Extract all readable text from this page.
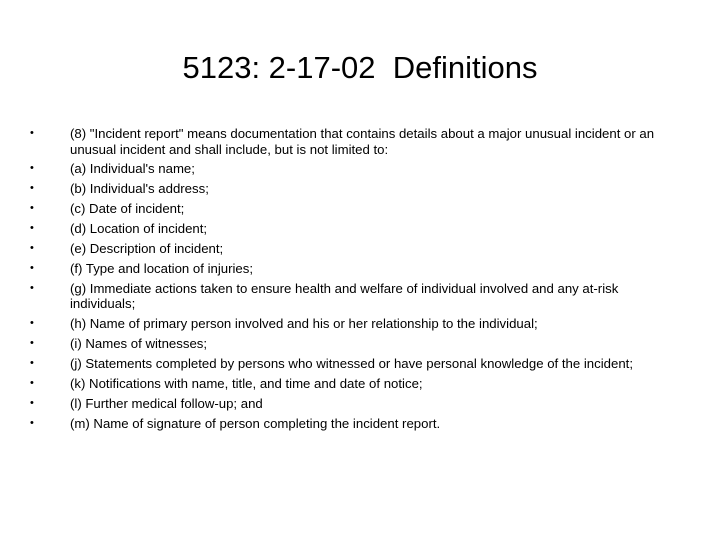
5123: 2-17-02  Definitions
•	(8) "Incident report" means documentation that contains details about a major unusual incident or an unusual incident and shall include, but is not limited to:
•	(a) Individual's name;
•	(b) Individual's address;
•	(c) Date of incident;
•	(d) Location of incident;
•	(e) Description of incident;
•	(f) Type and location of injuries;
•	(g) Immediate actions taken to ensure health and welfare of individual involved and any at-risk individuals;
•	(h) Name of primary person involved and his or her relationship to the individual;
•	(i) Names of witnesses;
•	(j) Statements completed by persons who witnessed or have personal knowledge of the incident;
•	(k) Notifications with name, title, and time and date of notice;
•	(l) Further medical follow-up; and
•	(m) Name of signature of person completing the incident report.
